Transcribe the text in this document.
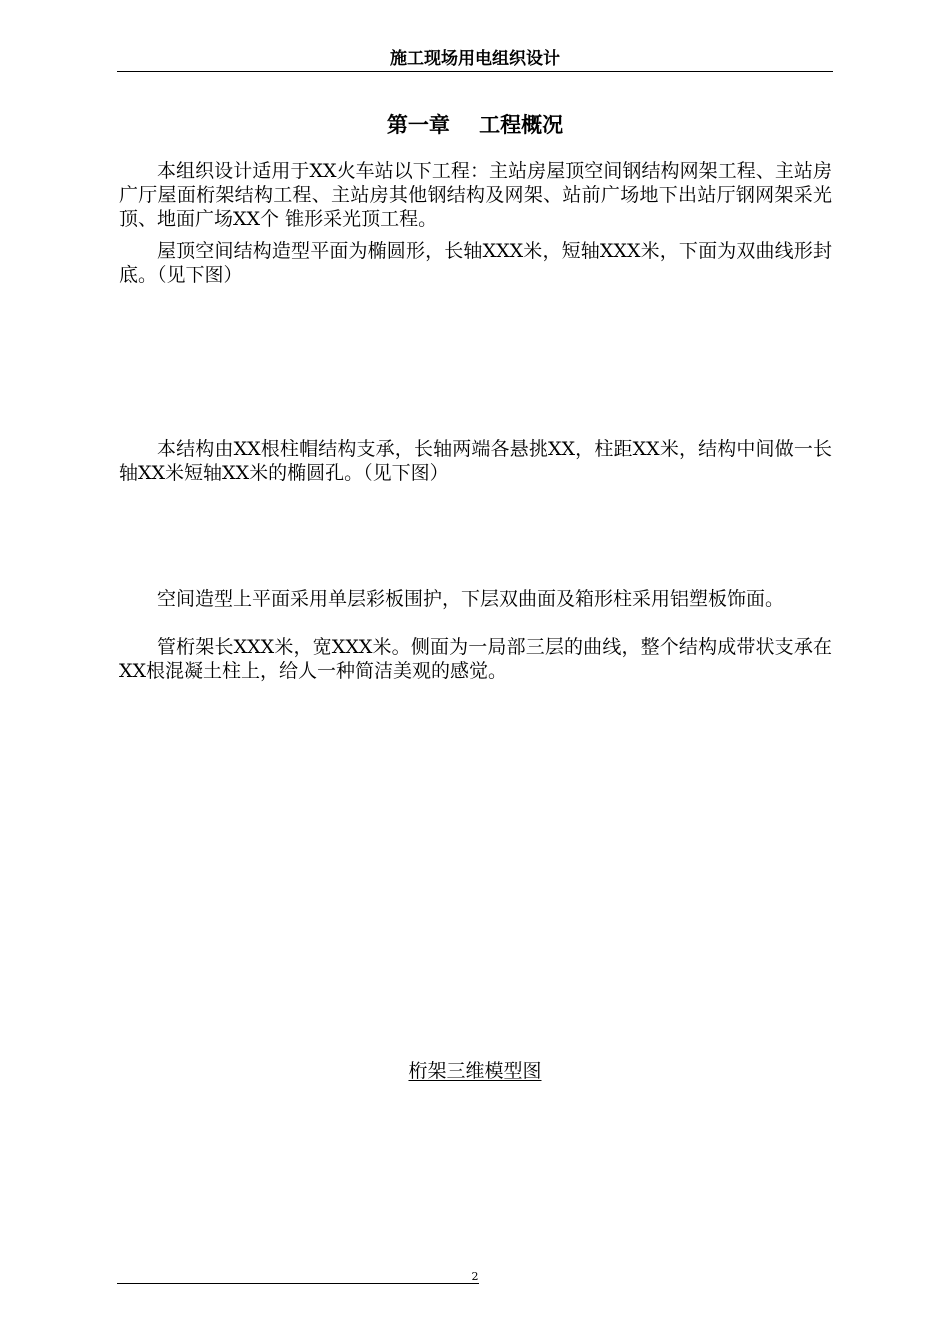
施工现场用电组织设计
第一章    工程概况

本组织设计适用于XX火车站以下工程：主站房屋顶空间钢结构网架工程、主站房广厅屋面桁架结构工程、主站房其他钢结构及网架、站前广场地下出站厅钢网架采光顶、地面广场XX个 锥形采光顶工程。

屋顶空间结构造型平面为椭圆形，长轴XXX米，短轴XXX米，下面为双曲线形封底。（见下图）

本结构由XX根柱帽结构支承，长轴两端各悬挑XX，柱距XX米，结构中间做一长轴XX米短轴XX米的椭圆孔。（见下图）

空间造型上平面采用单层彩板围护，下层双曲面及箱形柱采用铝塑板饰面。

管桁架长XXX米，宽XXX米。侧面为一局部三层的曲线，整个结构成带状支承在XX根混凝土柱上，给人一种简洁美观的感觉。

桁架三维模型图
2
